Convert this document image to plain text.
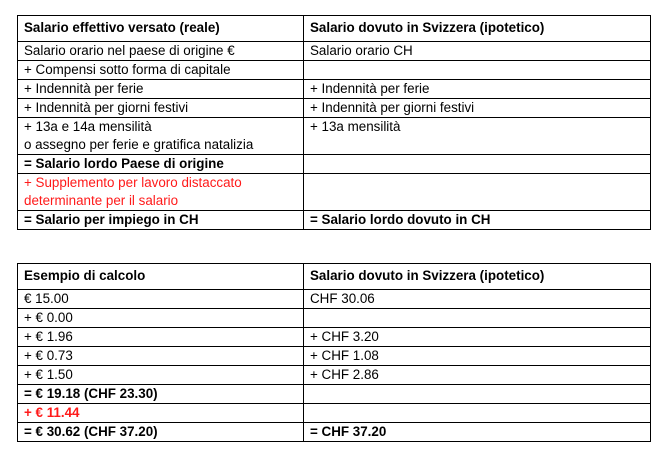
Salario effettivo versato (reale)	Salario dovuto in Svizzera (ipotetico)
Salario orario nel paese di origine €	Salario orario CH
+ Compensi sotto forma di capitale	
+ Indennità per ferie	+ Indennità per ferie
+ Indennità per giorni festivi	+ Indennità per giorni festivi

+ 13a e 14a mensilità
o assegno per ferie e gratifica natalizia	+ 13a mensilità
= Salario lordo Paese di origine	

+ Supplemento per lavoro distaccato
determinante per il salario	

= Salario per impiego in CH	= Salario lordo dovuto in CH
Esempio di calcolo	Salario dovuto in Svizzera (ipotetico)
€ 15.00	CHF 30.06
+ € 0.00	
+ € 1.96	+ CHF 3.20
+ € 0.73	+ CHF 1.08
+ € 1.50	+ CHF 2.86
= € 19.18 (CHF 23.30)	
+ € 11.44	
= € 30.62 (CHF 37.20)	= CHF 37.20
